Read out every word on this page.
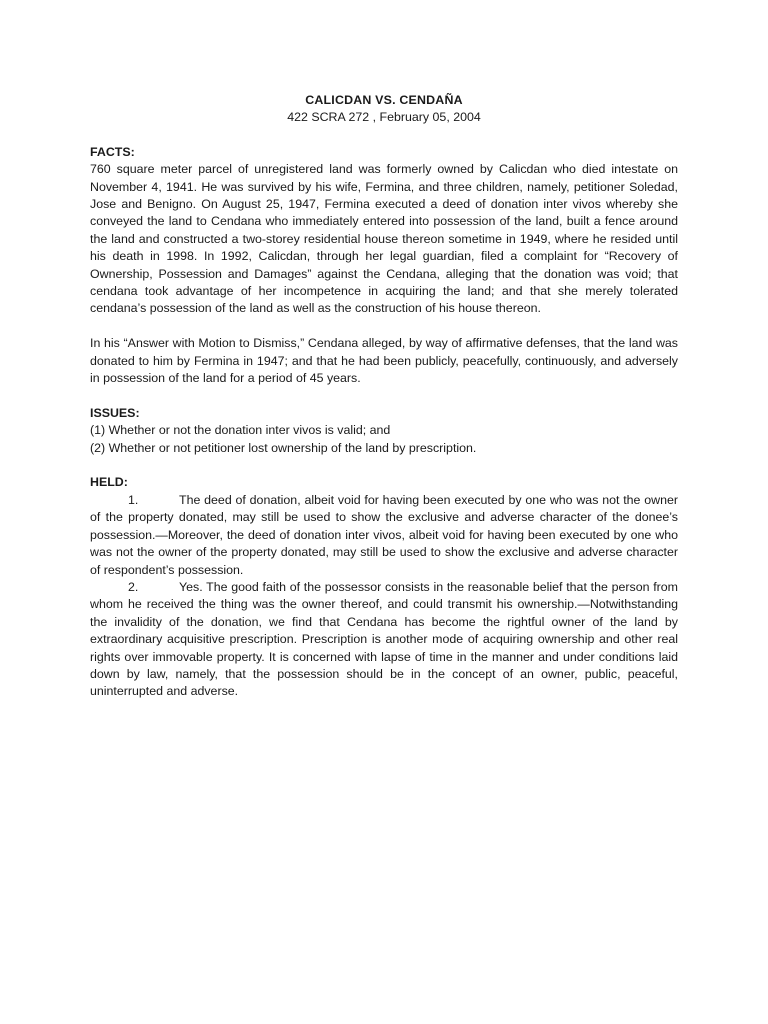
CALICDAN VS. CENDAÑA
422 SCRA 272 , February 05, 2004
FACTS:

760 square meter parcel of unregistered land was formerly owned by Calicdan who died intestate on November 4, 1941. He was survived by his wife, Fermina, and three children, namely, petitioner Soledad, Jose and Benigno. On August 25, 1947, Fermina executed a deed of donation inter vivos whereby she conveyed the land to Cendana who immediately entered into possession of the land, built a fence around the land and constructed a two-storey residential house thereon sometime in 1949, where he resided until his death in 1998. In 1992, Calicdan, through her legal guardian, filed a complaint for “Recovery of Ownership, Possession and Damages” against the Cendana, alleging that the donation was void; that cendana took advantage of her incompetence in acquiring the land; and that she merely tolerated cendana’s possession of the land as well as the construction of his house thereon.

In his “Answer with Motion to Dismiss,” Cendana alleged, by way of affirmative defenses, that the land was donated to him by Fermina in 1947; and that he had been publicly, peacefully, continuously, and adversely in possession of the land for a period of 45 years.

ISSUES:
(1) Whether or not the donation inter vivos is valid; and
(2) Whether or not petitioner lost ownership of the land by prescription.
HELD:

1.	The deed of donation, albeit void for having been executed by one who was not the owner of the property donated, may still be used to show the exclusive and adverse character of the donee’s possession.—Moreover, the deed of donation inter vivos, albeit void for having been executed by one who was not the owner of the property donated, may still be used to show the exclusive and adverse character of respondent’s possession.

2.	Yes. The good faith of the possessor consists in the reasonable belief that the person from whom he received the thing was the owner thereof, and could transmit his ownership.—Notwithstanding the invalidity of the donation, we find that Cendana has become the rightful owner of the land by extraordinary acquisitive prescription. Prescription is another mode of acquiring ownership and other real rights over immovable property. It is concerned with lapse of time in the manner and under conditions laid down by law, namely, that the possession should be in the concept of an owner, public, peaceful, uninterrupted and adverse.
